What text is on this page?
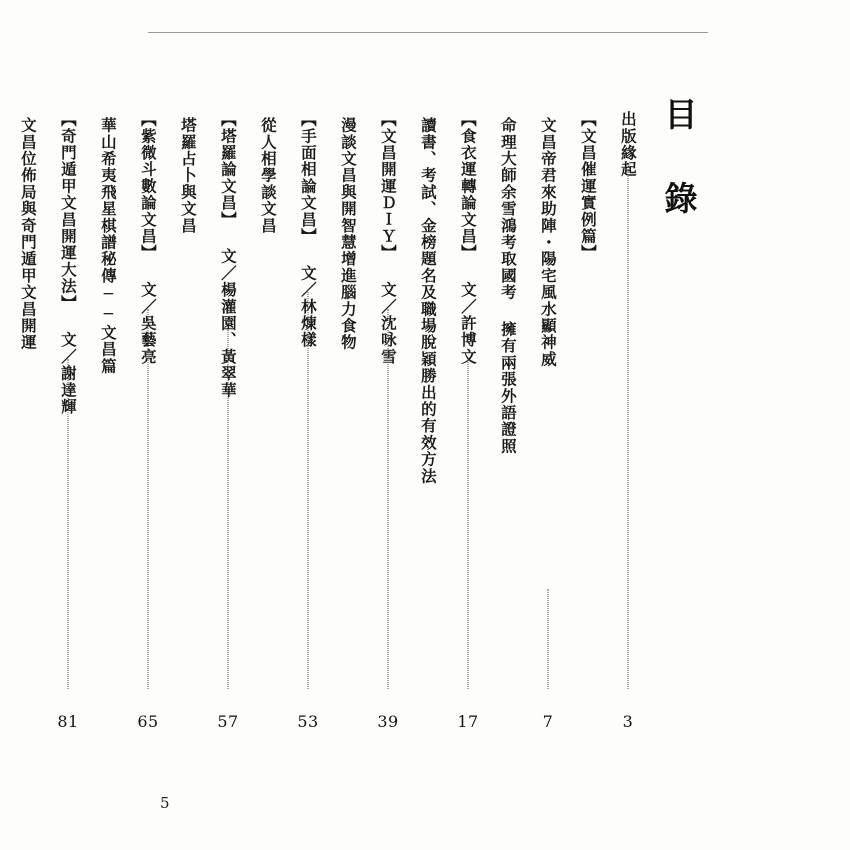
目　錄
出版緣起
3
【文昌催運實例篇】
文昌帝君來助陣・陽宅風水顯神威
7
命理大師余雪鴻考取國考 擁有兩張外語證照
【食衣運轉論文昌】 文／許博文
17
讀書、考試、金榜題名及職場脫穎勝出的有效方法
【文昌開運ＤＩＹ】 文／沈咏雪
39
漫談文昌與開智慧增進腦力食物
【手面相論文昌】 文／林煉樣
53
從人相學談文昌
【塔羅論文昌】 文／楊灌園、黃翠華
57
塔羅占卜與文昌
【紫微斗數論文昌】 文／吳藝亮
65
華山希夷飛星棋譜秘傳──文昌篇
【奇門遁甲文昌開運大法】 文／謝達輝
81
文昌位佈局與奇門遁甲文昌開運
5
